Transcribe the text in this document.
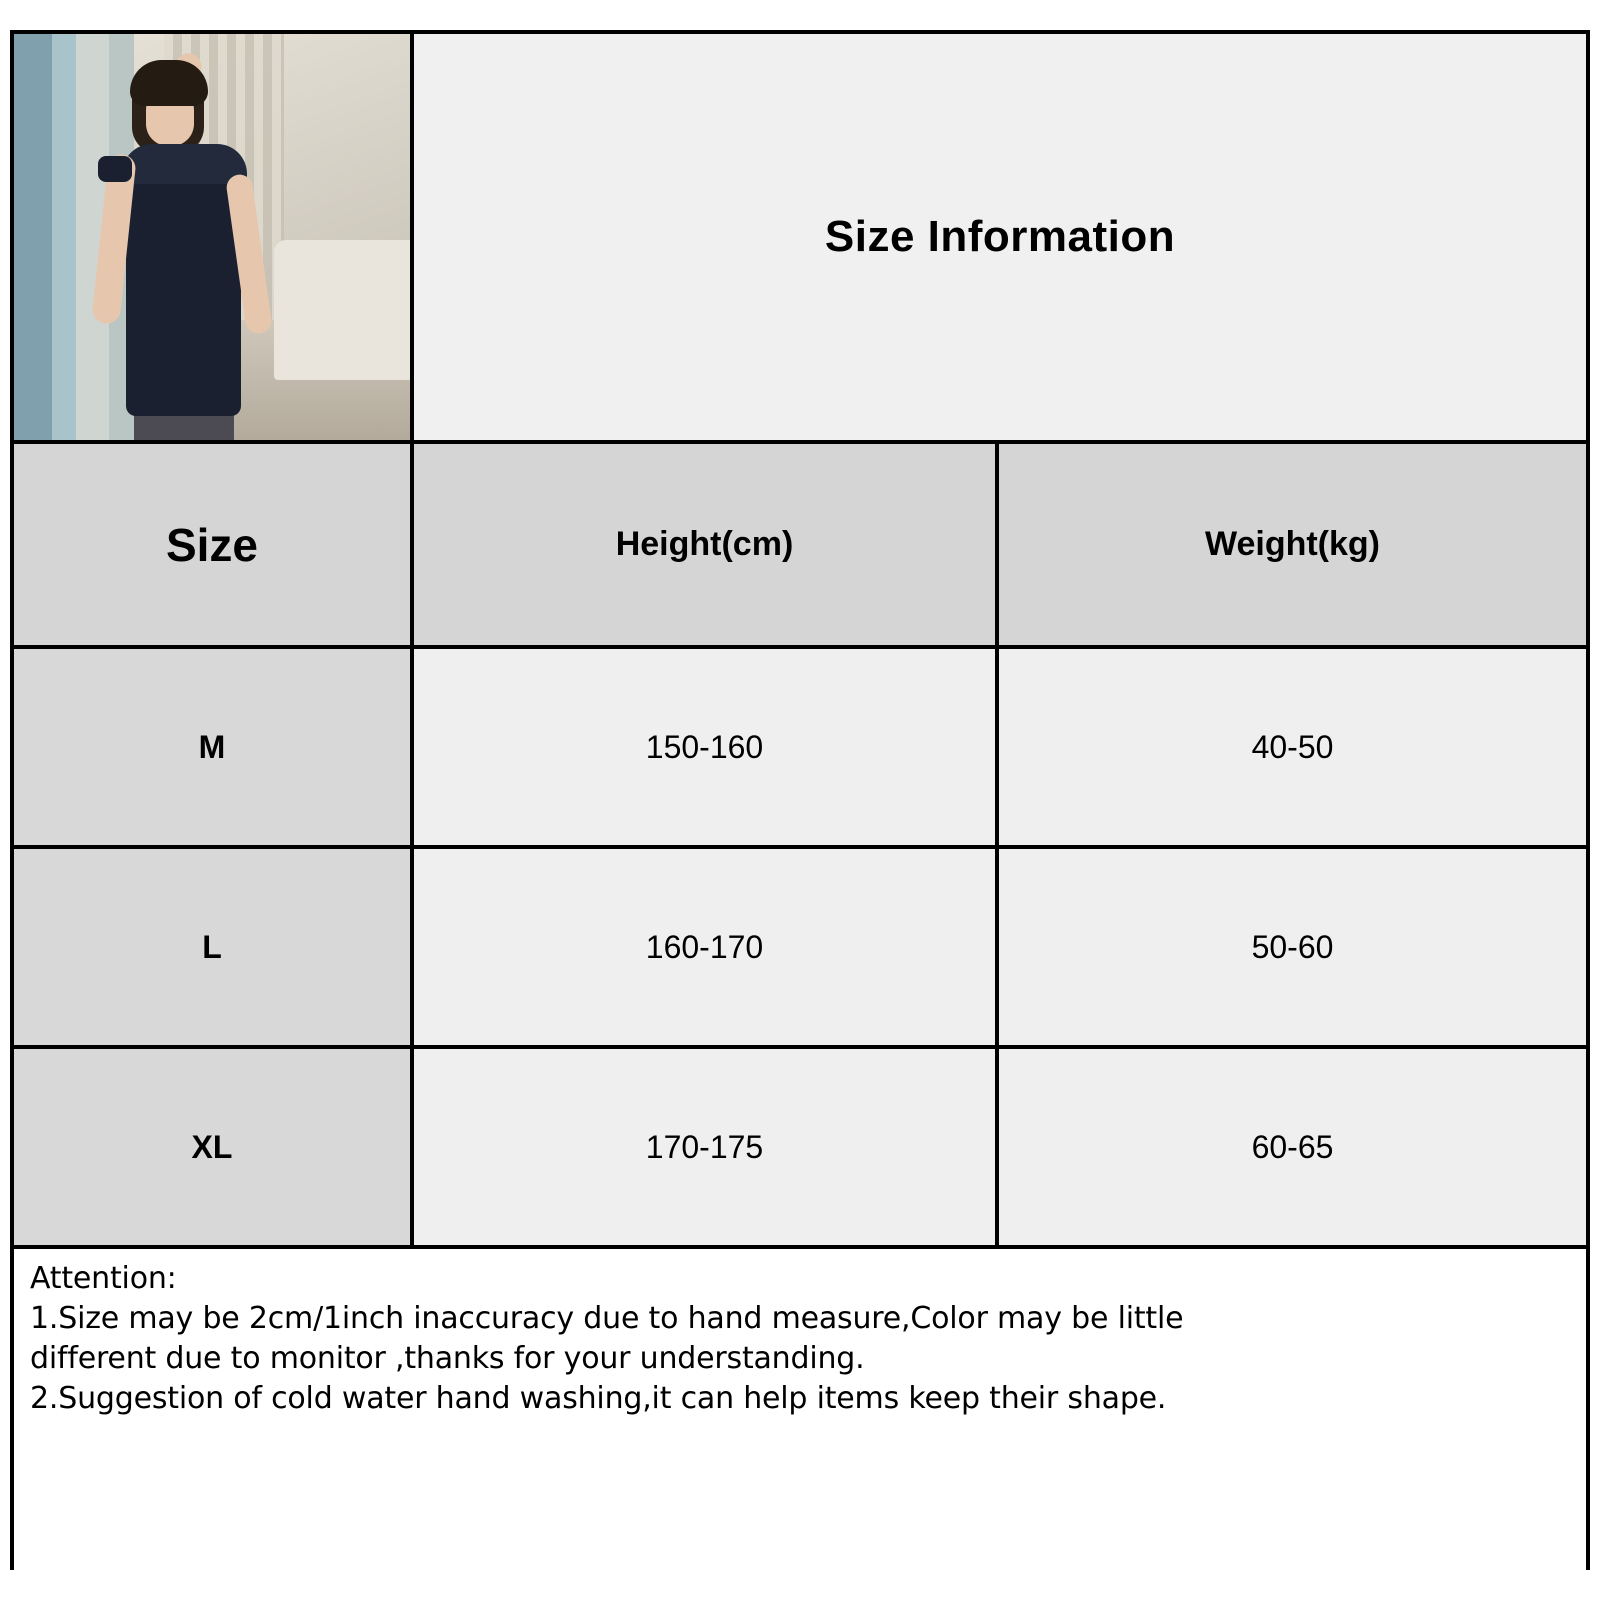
Size Information
Size	Height(cm)	Weight(kg)
M	150-160	40-50
L	160-170	50-60
XL	170-175	60-65

Attention:

1.Size may be 2cm/1inch inaccuracy due to hand measure,Color may be little

different due to monitor ,thanks for your understanding.

2.Suggestion of cold water hand washing,it can help items keep their shape.
